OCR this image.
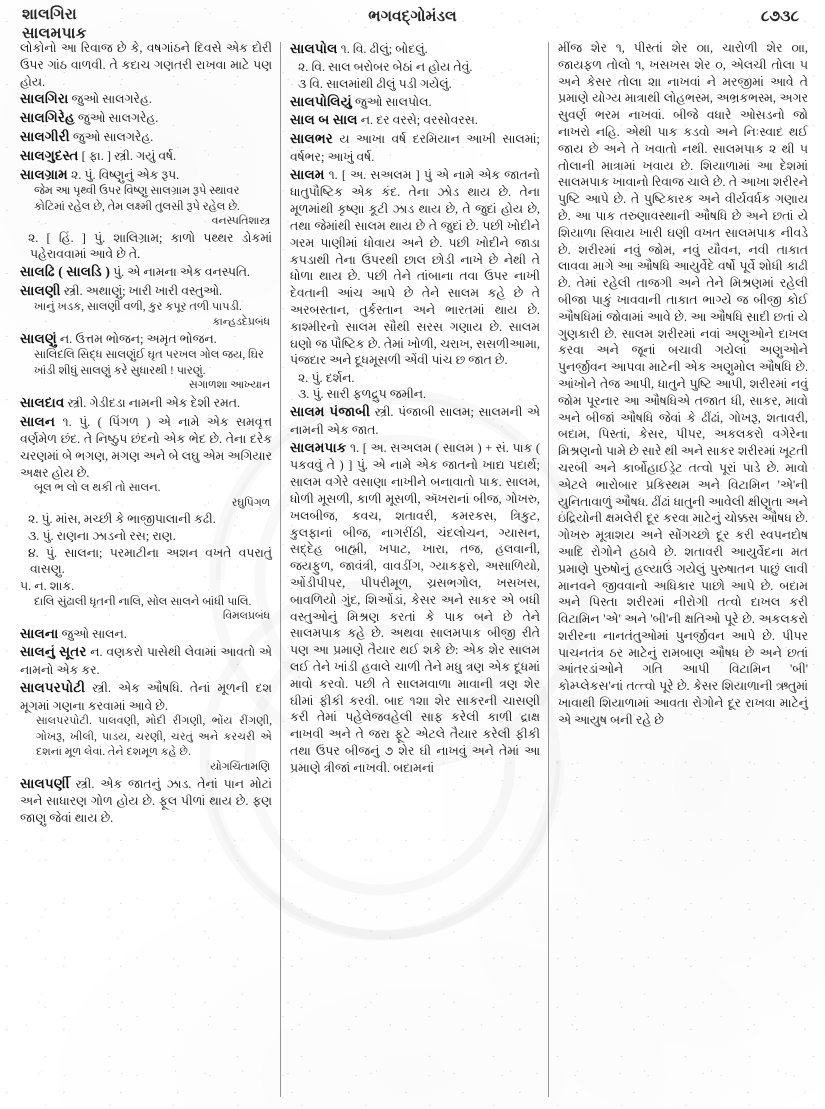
શાલગિરા
સાલમપાક
ભગવદ્ગોમંડલ	૮૭૩૮

લોકોનો આ રિવાજ છે કે, વષગાંઠને દિવસે એક દોરી ઉપર ગાંઠ વાળવી. તે કદાચ ગણતરી રાખવા માટે પણ હોય.

સાલગિરા જુઓ સાલગરેહ.
સાલગિરેહ જુઓ સાલગરેહ.
સાલગીરી જુઓ સાલગરેહ.
સાલગુદસ્ત [ ફા. ] સ્ત્રી. ગયું વર્ષ.
સાલગ્રામ ૨. પું. વિષ્ણુનું એક રૂપ.
જેમ આ પૃથ્વી ઉપર વિષ્ણુ સાલગ્રામ રૂપે સ્થાવર કોટિમાં રહેલ છે, તેમ લક્ષ્મી તુલસી રૂપે રહેલ છે.
વનસ્પતિશાસ્ત્ર

૨. [ હિં. ] પું. શાલિગ્રામ; કાળો પથ્થર ડોકમાં પહેરાવવામાં આવે છે તે.

સાલઢિ ( સાલડિ ) પું. એ નામના એક વનસ્પતિ.
સાલણી સ્ત્રી. અથાણું; ખારી ખારી વસ્તુઓ.
ખાનું ખડક, સાલણી વળી, કુર કપૂર તળી પાપડી.
કાન્હડદેપ્રબંધ
સાલણું ન. ઉત્તમ ભોજન; અમૃત ભોજન.
સાલિદલિ સિદ્ધ સાલણુંઈ ઘૃત પરખલ ગોલ જય, ઘિર ખાંડી શીધું સાલણું કરે સુધારથી ! પારણું.
સગાળશા આખ્યાન
સાલદાવ સ્ત્રી. ગેડીદડા નામની એક દેશી રમત.
સાલન ૧. પું. ( પિંગળ ) એ નામે એક સમવૃત્ત વર્ણમેળ છંદ. તે નિષ્ઠુપ છંદનો એક ભેદ છે. તેના દરેક ચરણમાં બે ભગણ, મગણ અને બે લઘુ એમ અગિયાર અક્ષર હોય છે.
બૂલ ભ લો લ થકી તો સાલન.
રઘુપિંગળ

૨. પું. માંસ, મચ્છી કે ભાજીપાલાની કઢી.

૩. પું. રાણના ઝાડનો રસ; રાણ.

૪. પું. સાલના; પરમાટીના અશન વખતે વપરાતું વાસણુ.

૫. ન. શાક.
દાલિ સુંઢાલી ધૃતની નાલિ, સોલ સાલને બાંધી પાલિ.
વિમલપ્રબંધ
સાલના જુઓ સાલન.
સાલનું સૂતર ન. વણકરો પાસેથી લેવામાં આવતો એ નામનો એક કર.
સાલપરપોટી સ્ત્રી. એક ઔષધિ. તેનાં મૂળની દશ મૂગમાં ગણના કરવામાં આવે છે.
સાલપરપોટી. પાલવણી, મોદી રીંગણી, ભોંય રીંગણી, ગોખરૂ, ખીલી, પાડય, ચરણી, ચરતું અને કરચરી એ દશનાં મૂળ લેવાં. તેને દશમૂળ કહે છે.
યોગચિંતામણિ
સાલપર્ણી સ્ત્રી. એક જાતનું ઝાડ. તેનાં પાન મોટાં અને સાધારણ ગોળ હોય છે. ફૂલ પીળાં થાય છે. ફણ જાણુ જેવાં થાય છે.
સાલપોલ ૧. વિ. ઢીલું; બોદલું.

૨. વિ. સાલ બરોબર બેઠાં ન હોય તેવું.

૩ વિ. સાલમાંથી ઢીલું પડી ગયેલું.

સાલપોલિયું જુઓ સાલપોલ.
સાલ બ સાલ ન. દર વરસે; વરસોવરસ.
સાલભર ય આખા વર્ષ દરમિયાન આખી સાલમાં; વર્ષભર; આખું વર્ષ.
સાલમ ૧. [ અ. સઅલમ ] પું એ નામે એક જાતનો ધાતુપૌષ્ટિક એક કંદ. તેના ઝોડ થાય છે. તેના મૂળમાંથી કૃષ્ણા કૂટી ઝાડ થાય છે, તે જુદાં હોય છે, તથા જેમાંથી સાલમ થાય છે તે જુદાં છે. પછી ખોદીને ગરમ પાણીમાં ધોવાય અને છે. પછી ખોદીને જાડા કપડાથી તેના ઉપરથી છાલ છોડી નાખે છે નેથી તે ધોળા થાય છે. પછી તેને તાંબાના તવા ઉપર નાખી દેવતાની આંચ આપે છે તેને સાલમ કહે છે તે અરબસ્તાન, તુર્કસ્તાન અને ભારતમાં થાય છે. કાશ્મીરનો સાલમ સૌથી સરસ ગણાય છે. સાલમ ઘણો જ પૌષ્ટિક છે. તેમાં ખોળી, ચરાખ, સસળીઆમા, પંજદાર અને દૂધમૂસળી એંવી પાંચ છ જાત છે.

૨. પું. દર્શન.

૩. પું. સારી ફળદ્રુપ જમીન.

સાલમ પંજાબી સ્ત્રી. પંજાબી સાલમ; સાલમની એ નામની એક જાત.
સાલમપાક ૧. [ અ. સઅલમ ( સાલમ ) + સં. પાક ( પકવવું તે ) ] પું. એ નામે એક જાતનો ખાદ્ય પદાર્થ; સાલમ વગેરે વસાણા નાખીને બનાવાતો પાક. સાલમ, ધોળી મૂસળી, કાળી મૂસળી, ઍખરાનાં બીજ, ગોખરુ, ખલબીજ, કવચ, શતાવરી, કમરકસ, ત્રિકુટ, કુલફાનાં બીજ, નાગરીંઠી, ચંદલોચન, ગ્યાસન, સદ્દેહ બાહ્મી, ખપાટ, ખારા, તજ, હલવાની, જયફુળ, જાવંત્રી, વાવડીંગ, ગ્યાકફરો, અસાળિયો, ઓંડીપીપર, પીપરીમૂળ, ચ્રસભગોલ, ખસખસ, બાવળિયો ગુંદ, શિઓંડાં, કેસર અને સાકર એ બધી વસ્તુઓનું મિશ્રણ કરતાં કે પાક બને છે તેને સાલમપાક કહે છે. અથવા સાલમપાક બીજી રીતે પણ આ પ્રમાણે તૈયાર થઈ શકે છે: એક શેર સાલમ લઈ તેને ખાંડી હવાલે ચાળી તેને મધુ ત્રણ એક દૂધમાં માવો કરવો. પછી તે સાલમવાળા માવાની ત્રણ શેર ઘીમાં ફીકી કરવી. બાદ ૧૨ાા શેર સાકરની ચાસણી કરી તેમાં પહેલેજવહેલી સાફ કરેલી કાળી દ્રાક્ષ નાખવી અને તે જરા ફૂટે એટલે તૈયાર કરેલી ફીકી તથા ઉપર બીજનું ૭ શેર ઘી નાખવું અને તેમાં આ પ્રમાણે ત્રીજાં નાખવી. બદામનાં

મીંજ શેર ૧, પીસ્તાં શેર ૦ાા, ચારોળી શેર ૦ાા, જાયફળ તોલો ૧, ખસખસ શેર ૦, એલચી તોલા ૫ અને કેસર તોલા ૨ાા નાખવાં ને મરજીમાં આવે તે પ્રમાણે યોગ્ય માત્રાથી લોહભસ્મ, અભ્રકભસ્મ, અગર સુવર્ણ ભરમ નાખવાં. બીજે વધારે ઓસડનો જો નાખરો નહિ. એથી પાક કડવો અને નિઃસ્વાદ થઈ જાય છે અને તે ખવાતો નથી. સાલમપાક ૨ થી ૫ તોલાની માત્રામાં ખવાય છે. શિયાળામાં આ દેશમાં સાલમપાક ખાવાનો રિવાજ ચાલે છે. તે આખા શરીરને પુષ્ટિ આપે છે. તે પુષ્ટિકારક અને વીર્યવર્ધક ગણાય છે. આ પાક તરુણાવસ્થાની ઔષધિ છે અને છતાં યે શિયાળા સિવાય ખારી ઘણી વખત સાલમપાક નીવડે છે. શરીરમાં નવું જોમ, નવું યૌવન, નવી તાકાત લાવવા માગે આ ઔષધિ આયુર્વેદે વર્ષો પૂર્વે શોધી કાઢી છે. તેમાં રહેલી તાજગી અને તેને મિશ્રણમાં રહેલી બીજા પાકું ખાવવાની તાકાત ભાગ્યે જ બીજી કોઈ ઔષધિમાં જોવામાં આવે છે. આ ઔષધિ સાદી છતાં યે ગુણકારી છે. સાલમ શરીરમાં નવાં અણુઓને દાખલ કરવા અને જૂનાં બચાવી ગયેલાં અણુઓને પુનર્જીવન આપવા માટેની એક અણુમોલ ઔષધિ છે. આંખોને તેજ આપી, ધાતુને પુષ્ટિ આપી, શરીરમાં નવું જોમ પૂરનાર આ ઔષધિએ તજાત ધી, સાકર, માવો અને બીજાં ઔષધિ જેવાં કે ઢીંઢાં, ગોખરૂ, શતાવરી, બદામ, પિસ્તાં, કેસર, પીપર, અકલકરો વગેરેના મિશ્રણનો પામે છે સારે થી અને સાકર શરીરમાં ખૂટતી ચરબી અને કાર્બોહાઈડ્રેટ તત્વો પૂરાં પાડે છે. માવો એટલે ભારોબાર પ્રકિસ્થમ અને વિટામિન 'એ'ની યુનિતાવાળું ઔષધ. ઢીંઢાં ધાતુની આવેલી ક્ષીણુતા અને ઇંદ્રિયોની ક્ષમલેરી દૂર કરવા માટેનું ચોક્કસ ઔષધ છે. ગોખરુ મૂત્રાશય અને સોંગચ્છો દૂર કરી સ્વપનદોષ આદિ રોગોને હઠાવે છે. શતાવરી આયુર્વેદના મત પ્રમાણે પુરુષોનું હલ્યાઉં ગયેલું પુરુષાતન પાછું લાવી માનવને જીવવાનો અધિકાર પાછો આપે છે. બદામ અને પિસ્તા શરીરમાં નીરોગી તત્વો દાખલ કરી વિટામિન 'એ' અને 'બી'ની ક્ષતિઓ પૂરે છે. અકલકરો શરીરના નાનતંતુઓમાં પુનર્જીવન આપે છે. પીપર પાચનતંત્ર ઠર માટેનું રામબાણ ઔષધ છે અને છતાં આંતરડાંઓને ગતિ આપી વિટામિન 'બી' કોમ્પ્લેકસ'નાં તત્ત્વો પૂરે છે. કેસર શિયાળાની ઋતુમાં ખાવાથી શિયાળામાં આવતા રોગોને દૂર રાખવા માટેનું એ આયુષ બની રહે છે
